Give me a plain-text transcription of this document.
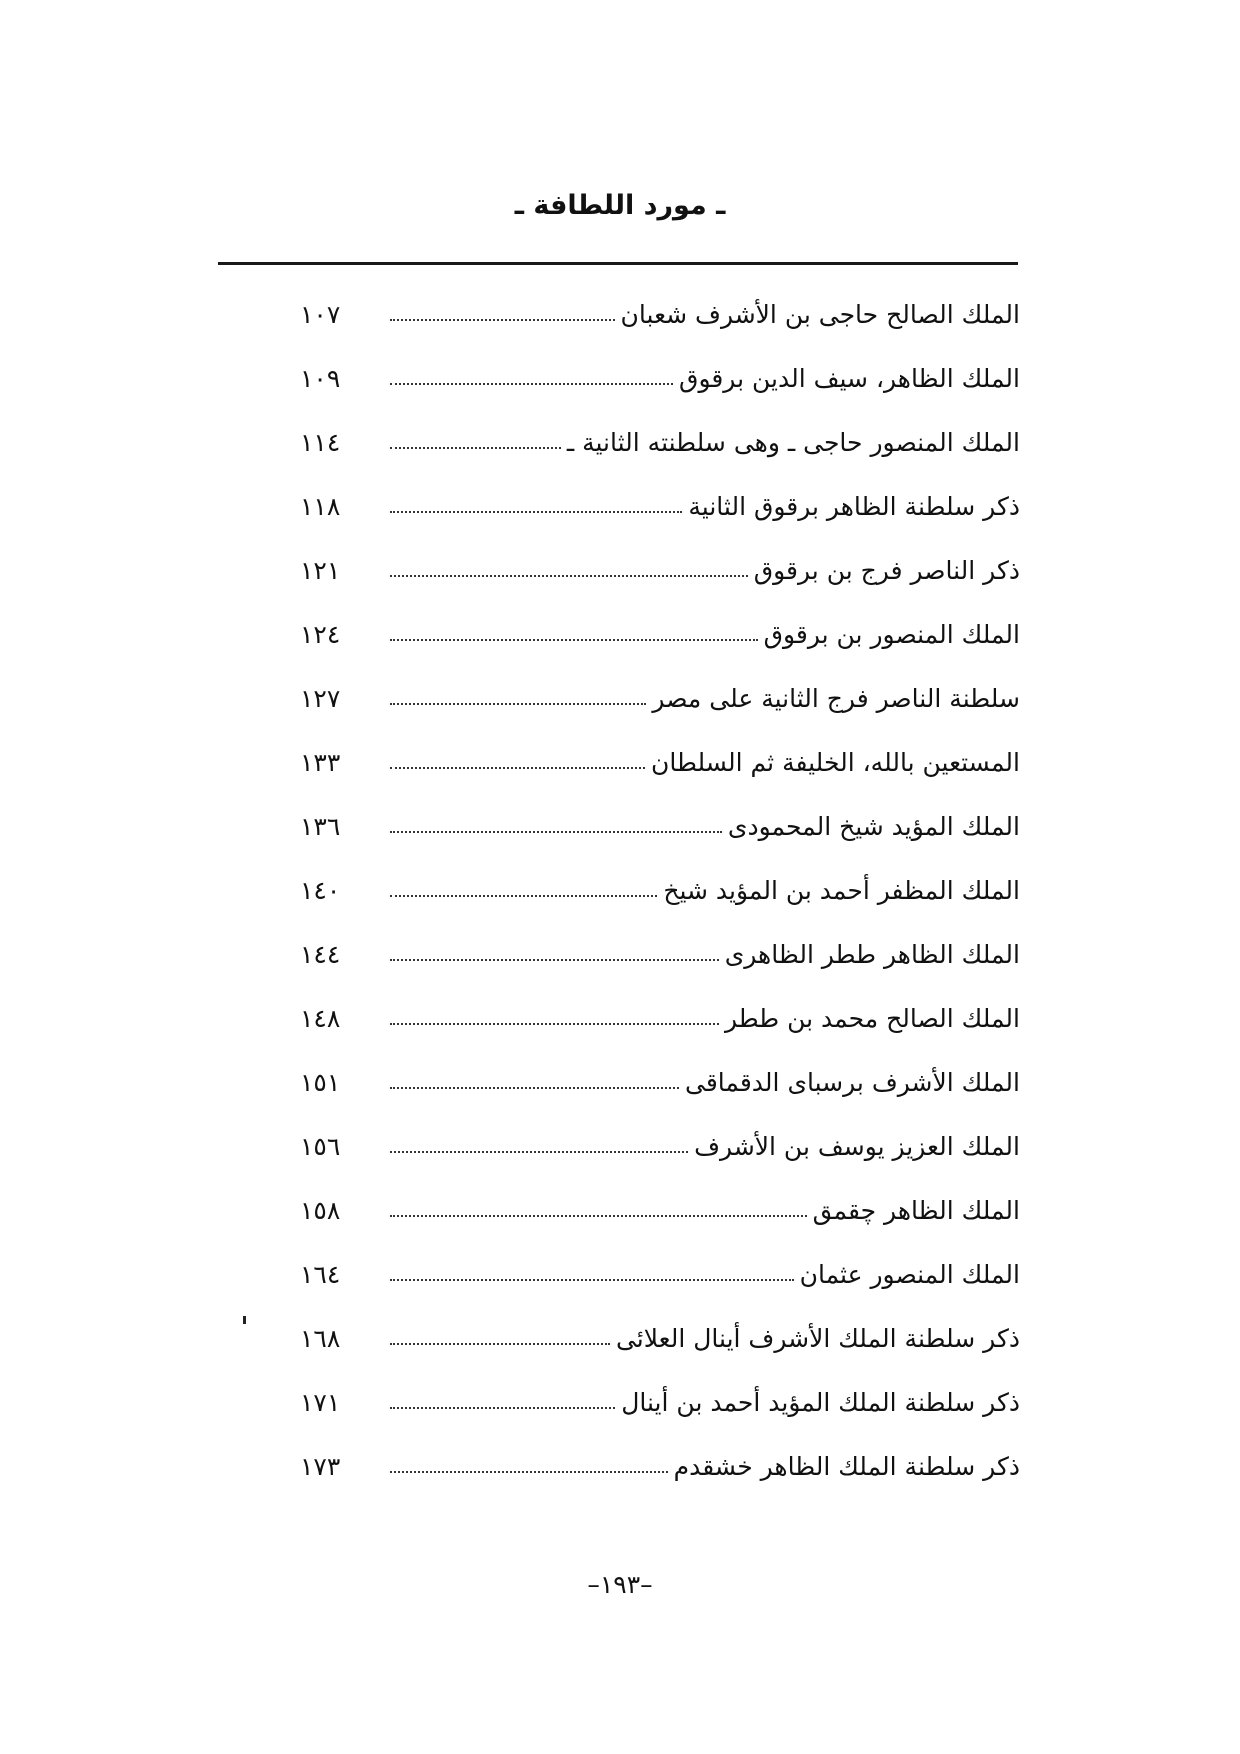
ـ مورد اللطافة ـ
الملك الصالح حاجى بن الأشرف شعبان
١٠٧
الملك الظاهر، سيف الدين برقوق
١٠٩
الملك المنصور حاجى ـ وهى سلطنته الثانية ـ
١١٤
ذكر سلطنة الظاهر برقوق الثانية
١١٨
ذكر الناصر فرج بن برقوق
١٢١
الملك المنصور بن برقوق
١٢٤
سلطنة الناصر فرج الثانية على مصر
١٢٧
المستعين بالله، الخليفة ثم السلطان
١٣٣
الملك المؤيد شيخ المحمودى
١٣٦
الملك المظفر أحمد بن المؤيد شيخ
١٤٠
الملك الظاهر ططر الظاهرى
١٤٤
الملك الصالح محمد بن ططر
١٤٨
الملك الأشرف برسباى الدقماقى
١٥١
الملك العزيز يوسف بن الأشرف
١٥٦
الملك الظاهر چقمق
١٥٨
الملك المنصور عثمان
١٦٤
ذكر سلطنة الملك الأشرف أينال العلائى
١٦٨
ذكر سلطنة الملك المؤيد أحمد بن أينال
١٧١
ذكر سلطنة الملك الظاهر خشقدم
١٧٣
–١٩٣–
